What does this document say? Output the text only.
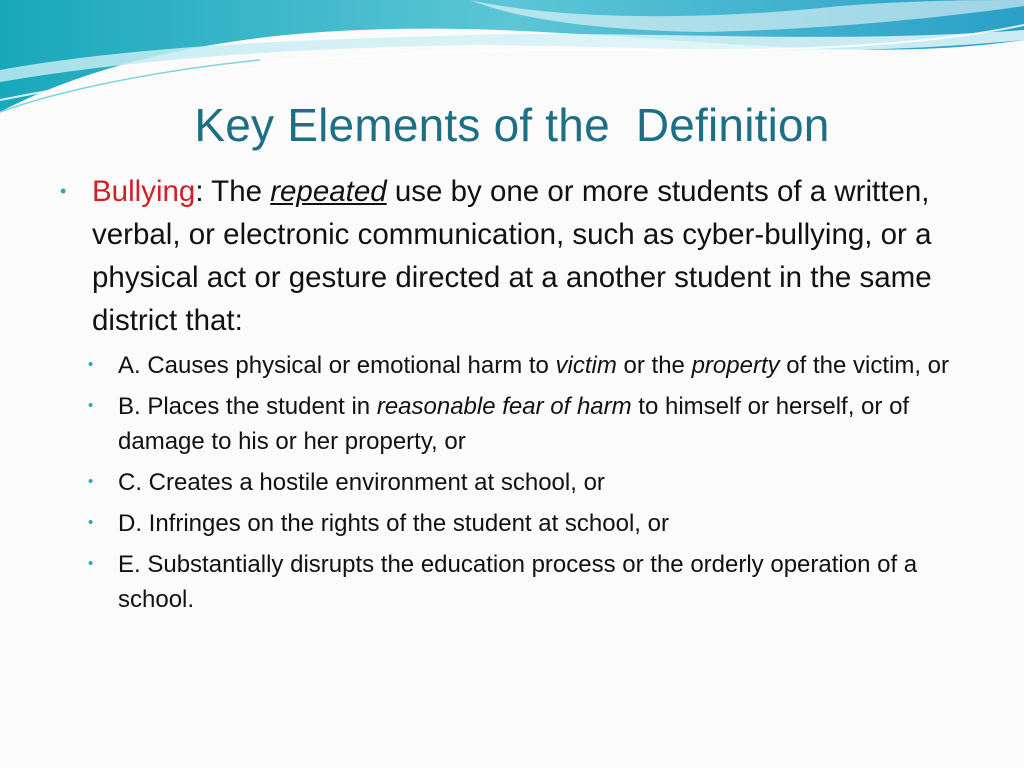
Key Elements of the  Definition

• Bullying: The repeated use by one or more students of a written, verbal, or electronic communication, such as cyber-bullying, or a physical act or gesture directed at a another student in the same district that:

• A. Causes physical or emotional harm to victim or the property of the victim, or
• B. Places the student in reasonable fear of harm to himself or herself, or of damage to his or her property, or
• C. Creates a hostile environment at school, or
• D. Infringes on the rights of the student at school, or
• E. Substantially disrupts the education process or the orderly operation of a school.
